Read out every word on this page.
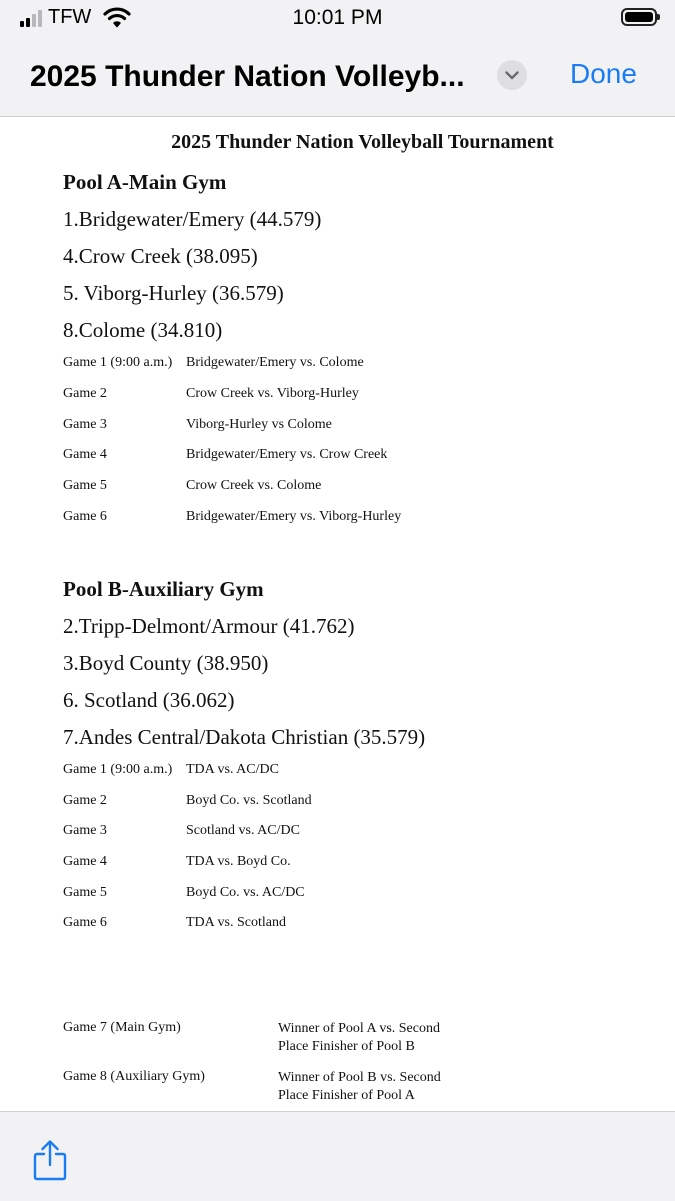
TFW	10:01 PM
2025 Thunder Nation Volleyb...	Done
2025 Thunder Nation Volleyball Tournament
Pool A-Main Gym
1.Bridgewater/Emery (44.579)
4.Crow Creek (38.095)
5. Viborg-Hurley (36.579)
8.Colome (34.810)
Game 1 (9:00 a.m.) Bridgewater/Emery vs. Colome
Game 2	Crow Creek vs. Viborg-Hurley
Game 3	Viborg-Hurley vs Colome
Game 4	Bridgewater/Emery vs. Crow Creek
Game 5	Crow Creek vs. Colome
Game 6	Bridgewater/Emery vs. Viborg-Hurley
Pool B-Auxiliary Gym
2.Tripp-Delmont/Armour (41.762)
3.Boyd County (38.950)
6. Scotland (36.062)
7.Andes Central/Dakota Christian (35.579)
Game 1 (9:00 a.m.) TDA vs. AC/DC
Game 2	Boyd Co. vs. Scotland
Game 3	Scotland vs. AC/DC
Game 4	TDA vs. Boyd Co.
Game 5	Boyd Co. vs. AC/DC
Game 6	TDA vs. Scotland
Game 7 (Main Gym)	Winner of Pool A vs. Second
Place Finisher of Pool B
Game 8 (Auxiliary Gym)	Winner of Pool B vs. Second
Place Finisher of Pool A
